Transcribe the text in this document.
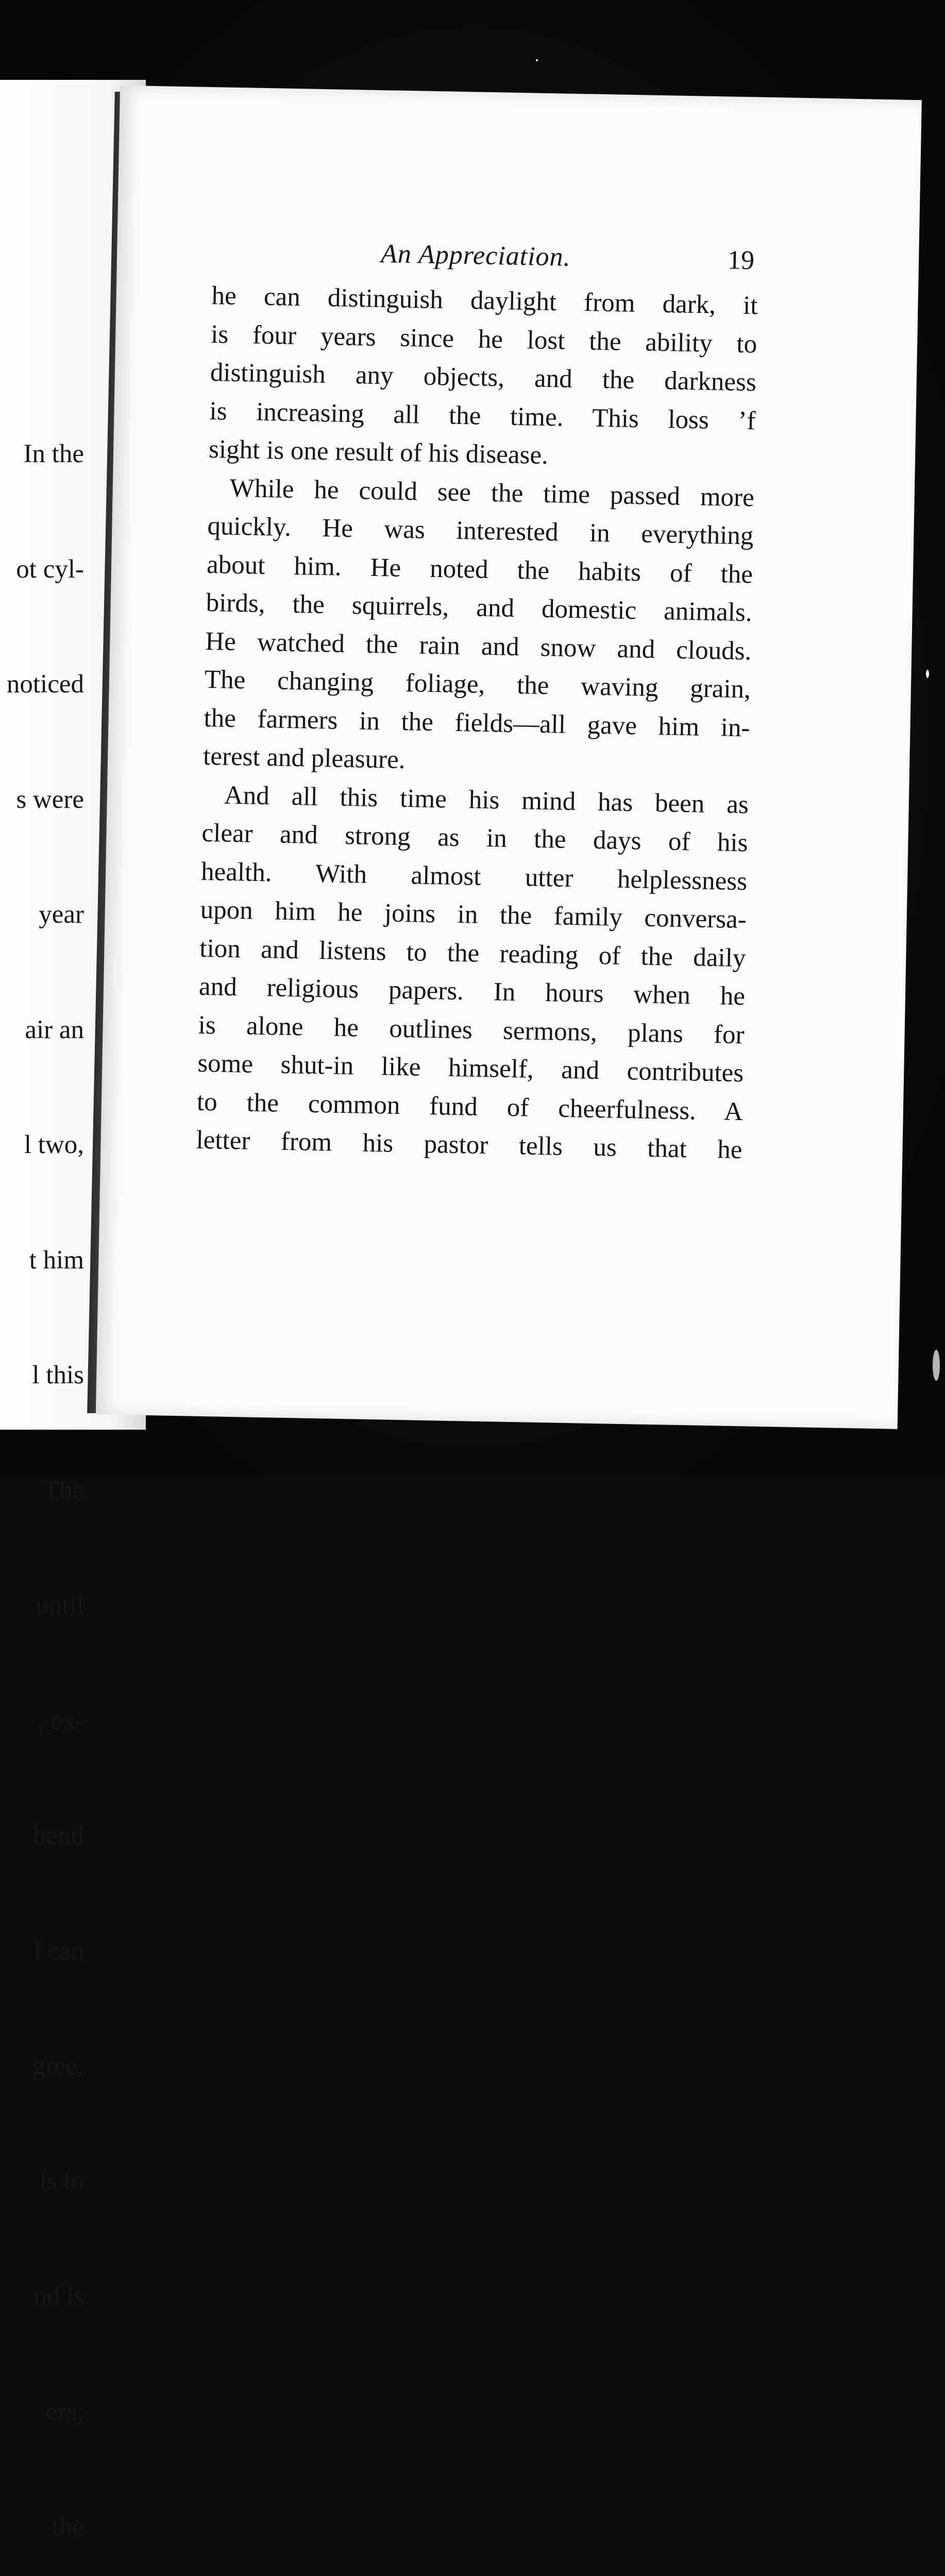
In the

ot cyl-

noticed

s were

year

air an

l two,

t him

l this

The

until

, ex-

bend

l can

gree.

ls to

nd is

ers;

the

An Appreciation.	19
he can distinguish daylight from dark, it
is four years since he lost the ability to
distinguish any objects, and the darkness
is increasing all the time. This loss ’f
sight is one result of his disease.
While he could see the time passed more
quickly. He was interested in everything
about him. He noted the habits of the
birds, the squirrels, and domestic animals.
He watched the rain and snow and clouds.
The changing foliage, the waving grain,
the farmers in the fields—all gave him in-
terest and pleasure.
And all this time his mind has been as
clear and strong as in the days of his
health. With almost utter helplessness
upon him he joins in the family conversa-
tion and listens to the reading of the daily
and religious papers. In hours when he
is alone he outlines sermons, plans for
some shut-in like himself, and contributes
to the common fund of cheerfulness. A
letter from his pastor tells us that he
